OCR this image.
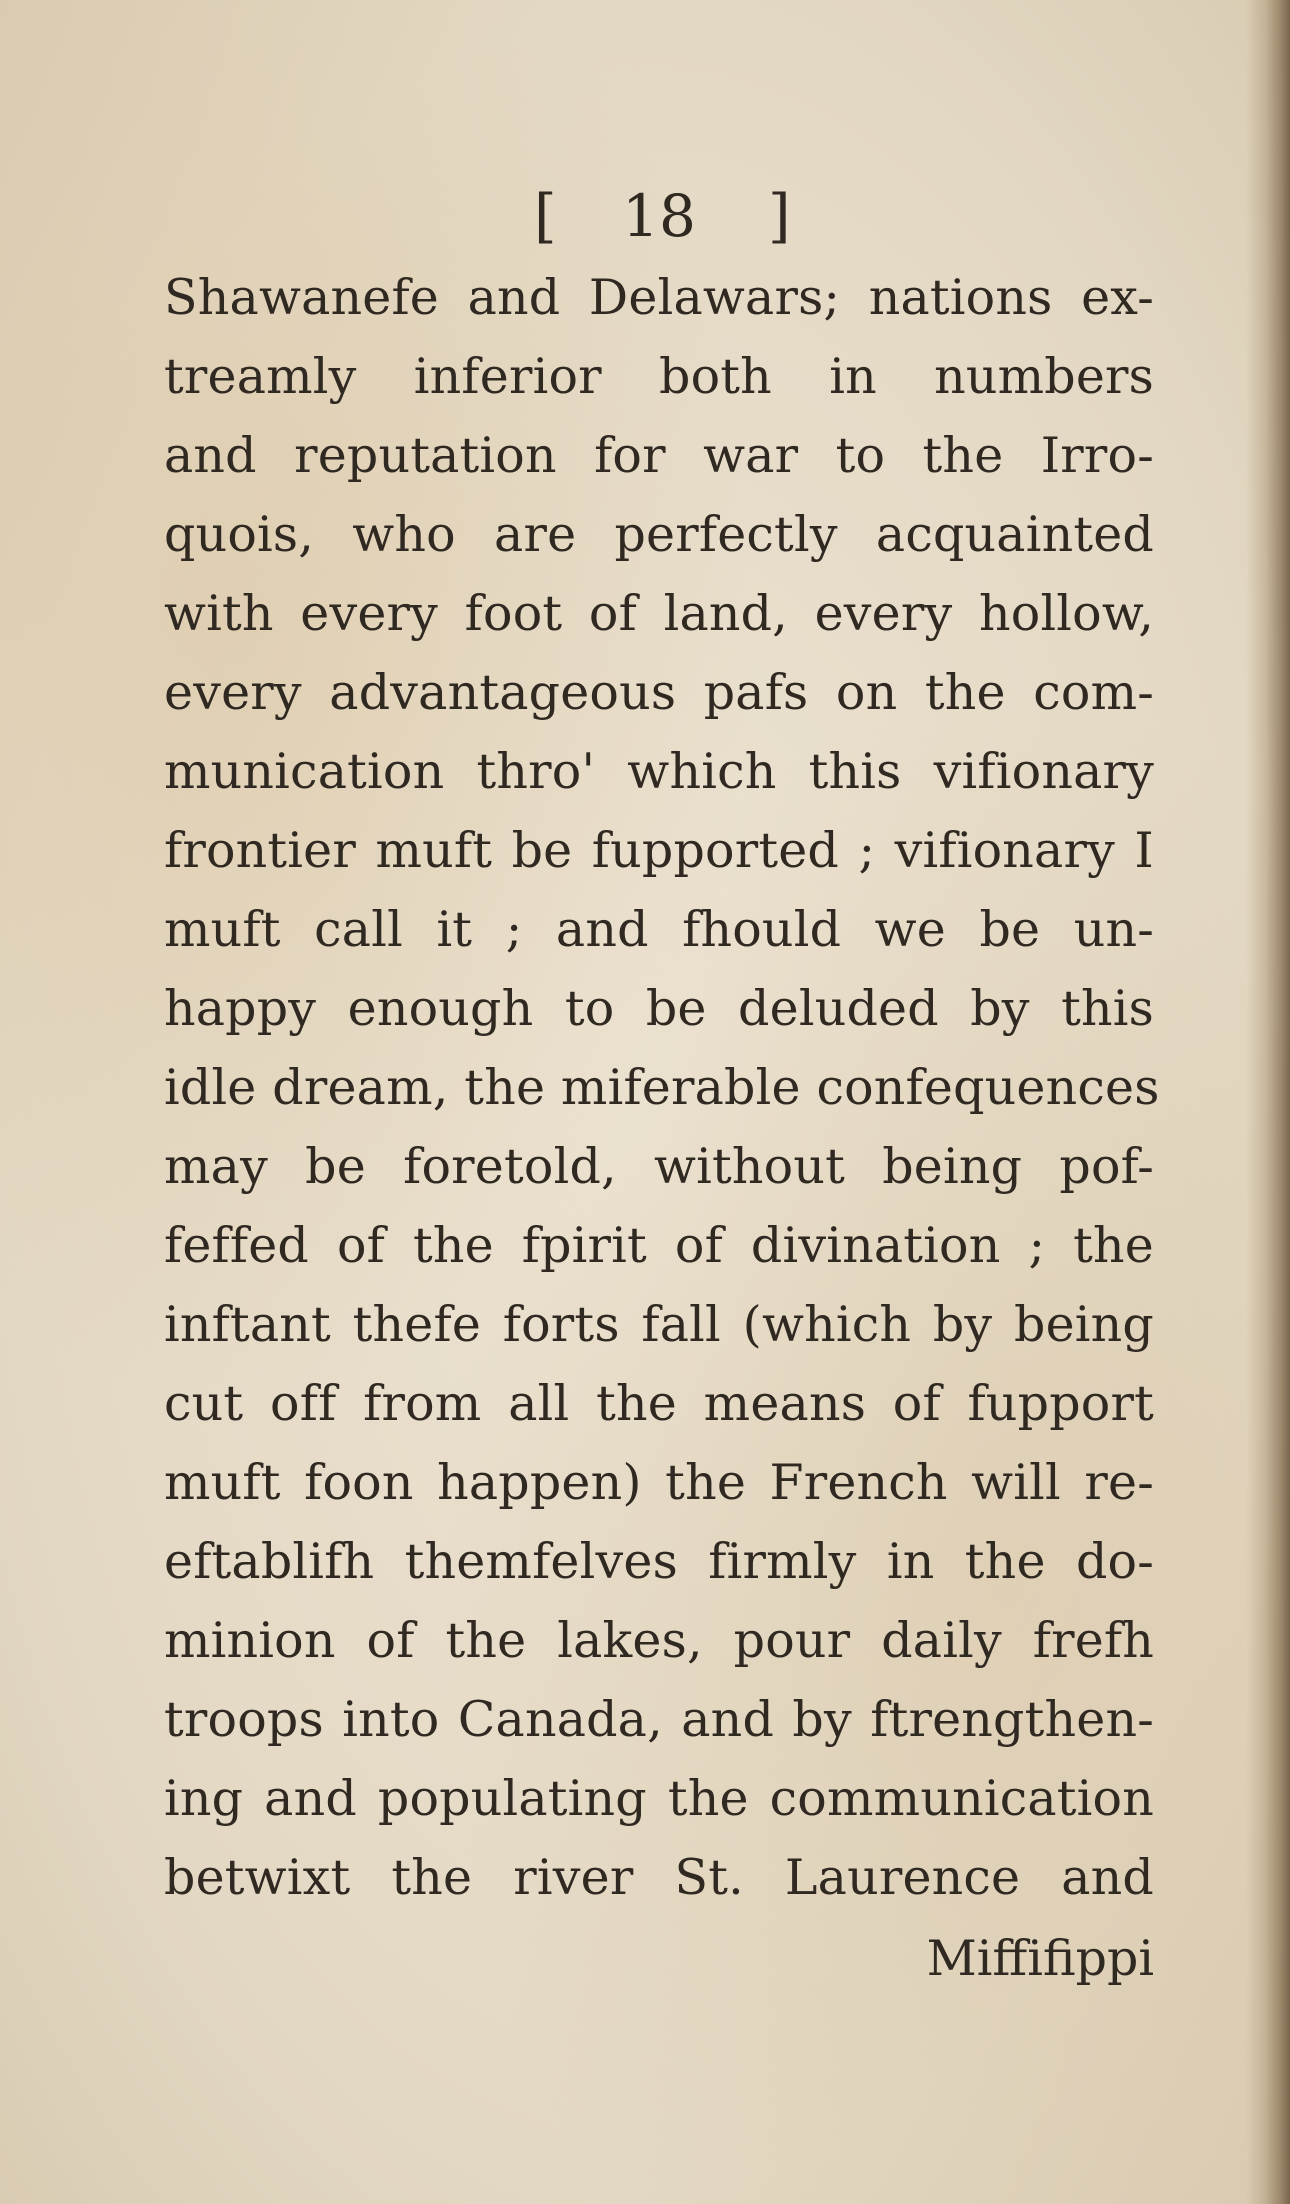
[	18	]
Shawanefe and Delawars; nations ex-
treamly inferior both in numbers
and reputation for war to the Irro-
quois, who are perfectly acquainted
with every foot of land, every hollow,
every advantageous pafs on the com-
munication thro' which this vifionary
frontier muft be fupported ; vifionary I
muft call it ; and fhould we be un-
happy enough to be deluded by this
idle dream, the miferable confequences
may be foretold, without being pof-
feffed of the fpirit of divination ; the
inftant thefe forts fall (which by being
cut off from all the means of fupport
muft foon happen) the French will re-
eftablifh themfelves firmly in the do-
minion of the lakes, pour daily frefh
troops into Canada, and by ftrengthen-
ing and populating the communication
betwixt the river St. Laurence and
Miffifippi
